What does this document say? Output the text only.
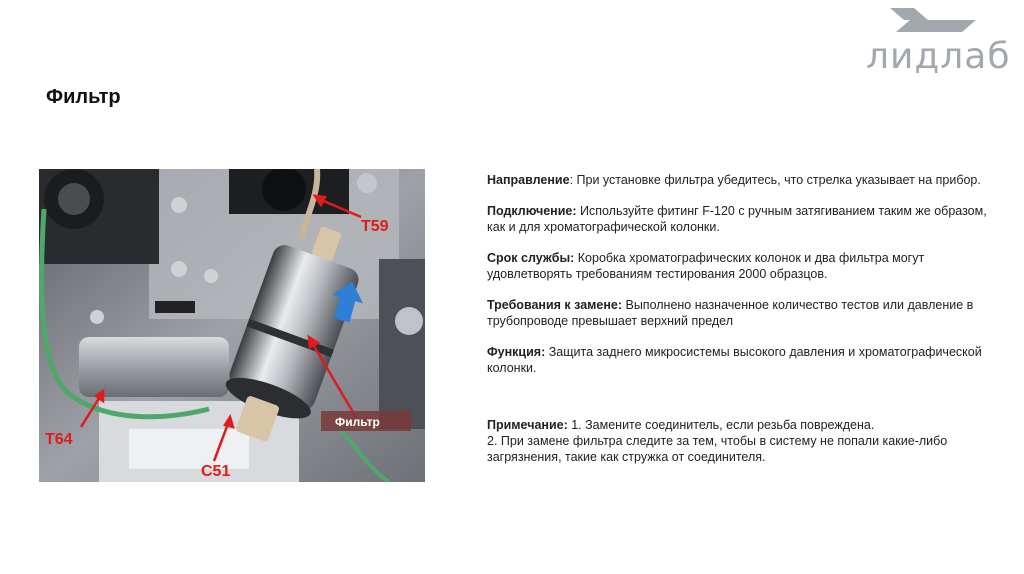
лидлаб
Фильтр
T59
T64
C51
Фильтр

Направление: При установке фильтра убедитесь, что стрелка указывает на прибор.

Подключение: Используйте фитинг F-120 с ручным затягиванием таким же образом, как и для хроматографической колонки.

Срок службы: Коробка хроматографических колонок и два фильтра могут удовлетворять требованиям тестирования 2000 образцов.

Требования к замене: Выполнено назначенное количество тестов или давление в трубопроводе превышает верхний предел

Функция: Защита заднего микросистемы высокого давления и хроматографической колонки.

Примечание: 1. Замените соединитель, если резьба повреждена.
2. При замене фильтра следите за тем, чтобы в систему не попали какие-либо загрязнения, такие как стружка от соединителя.
